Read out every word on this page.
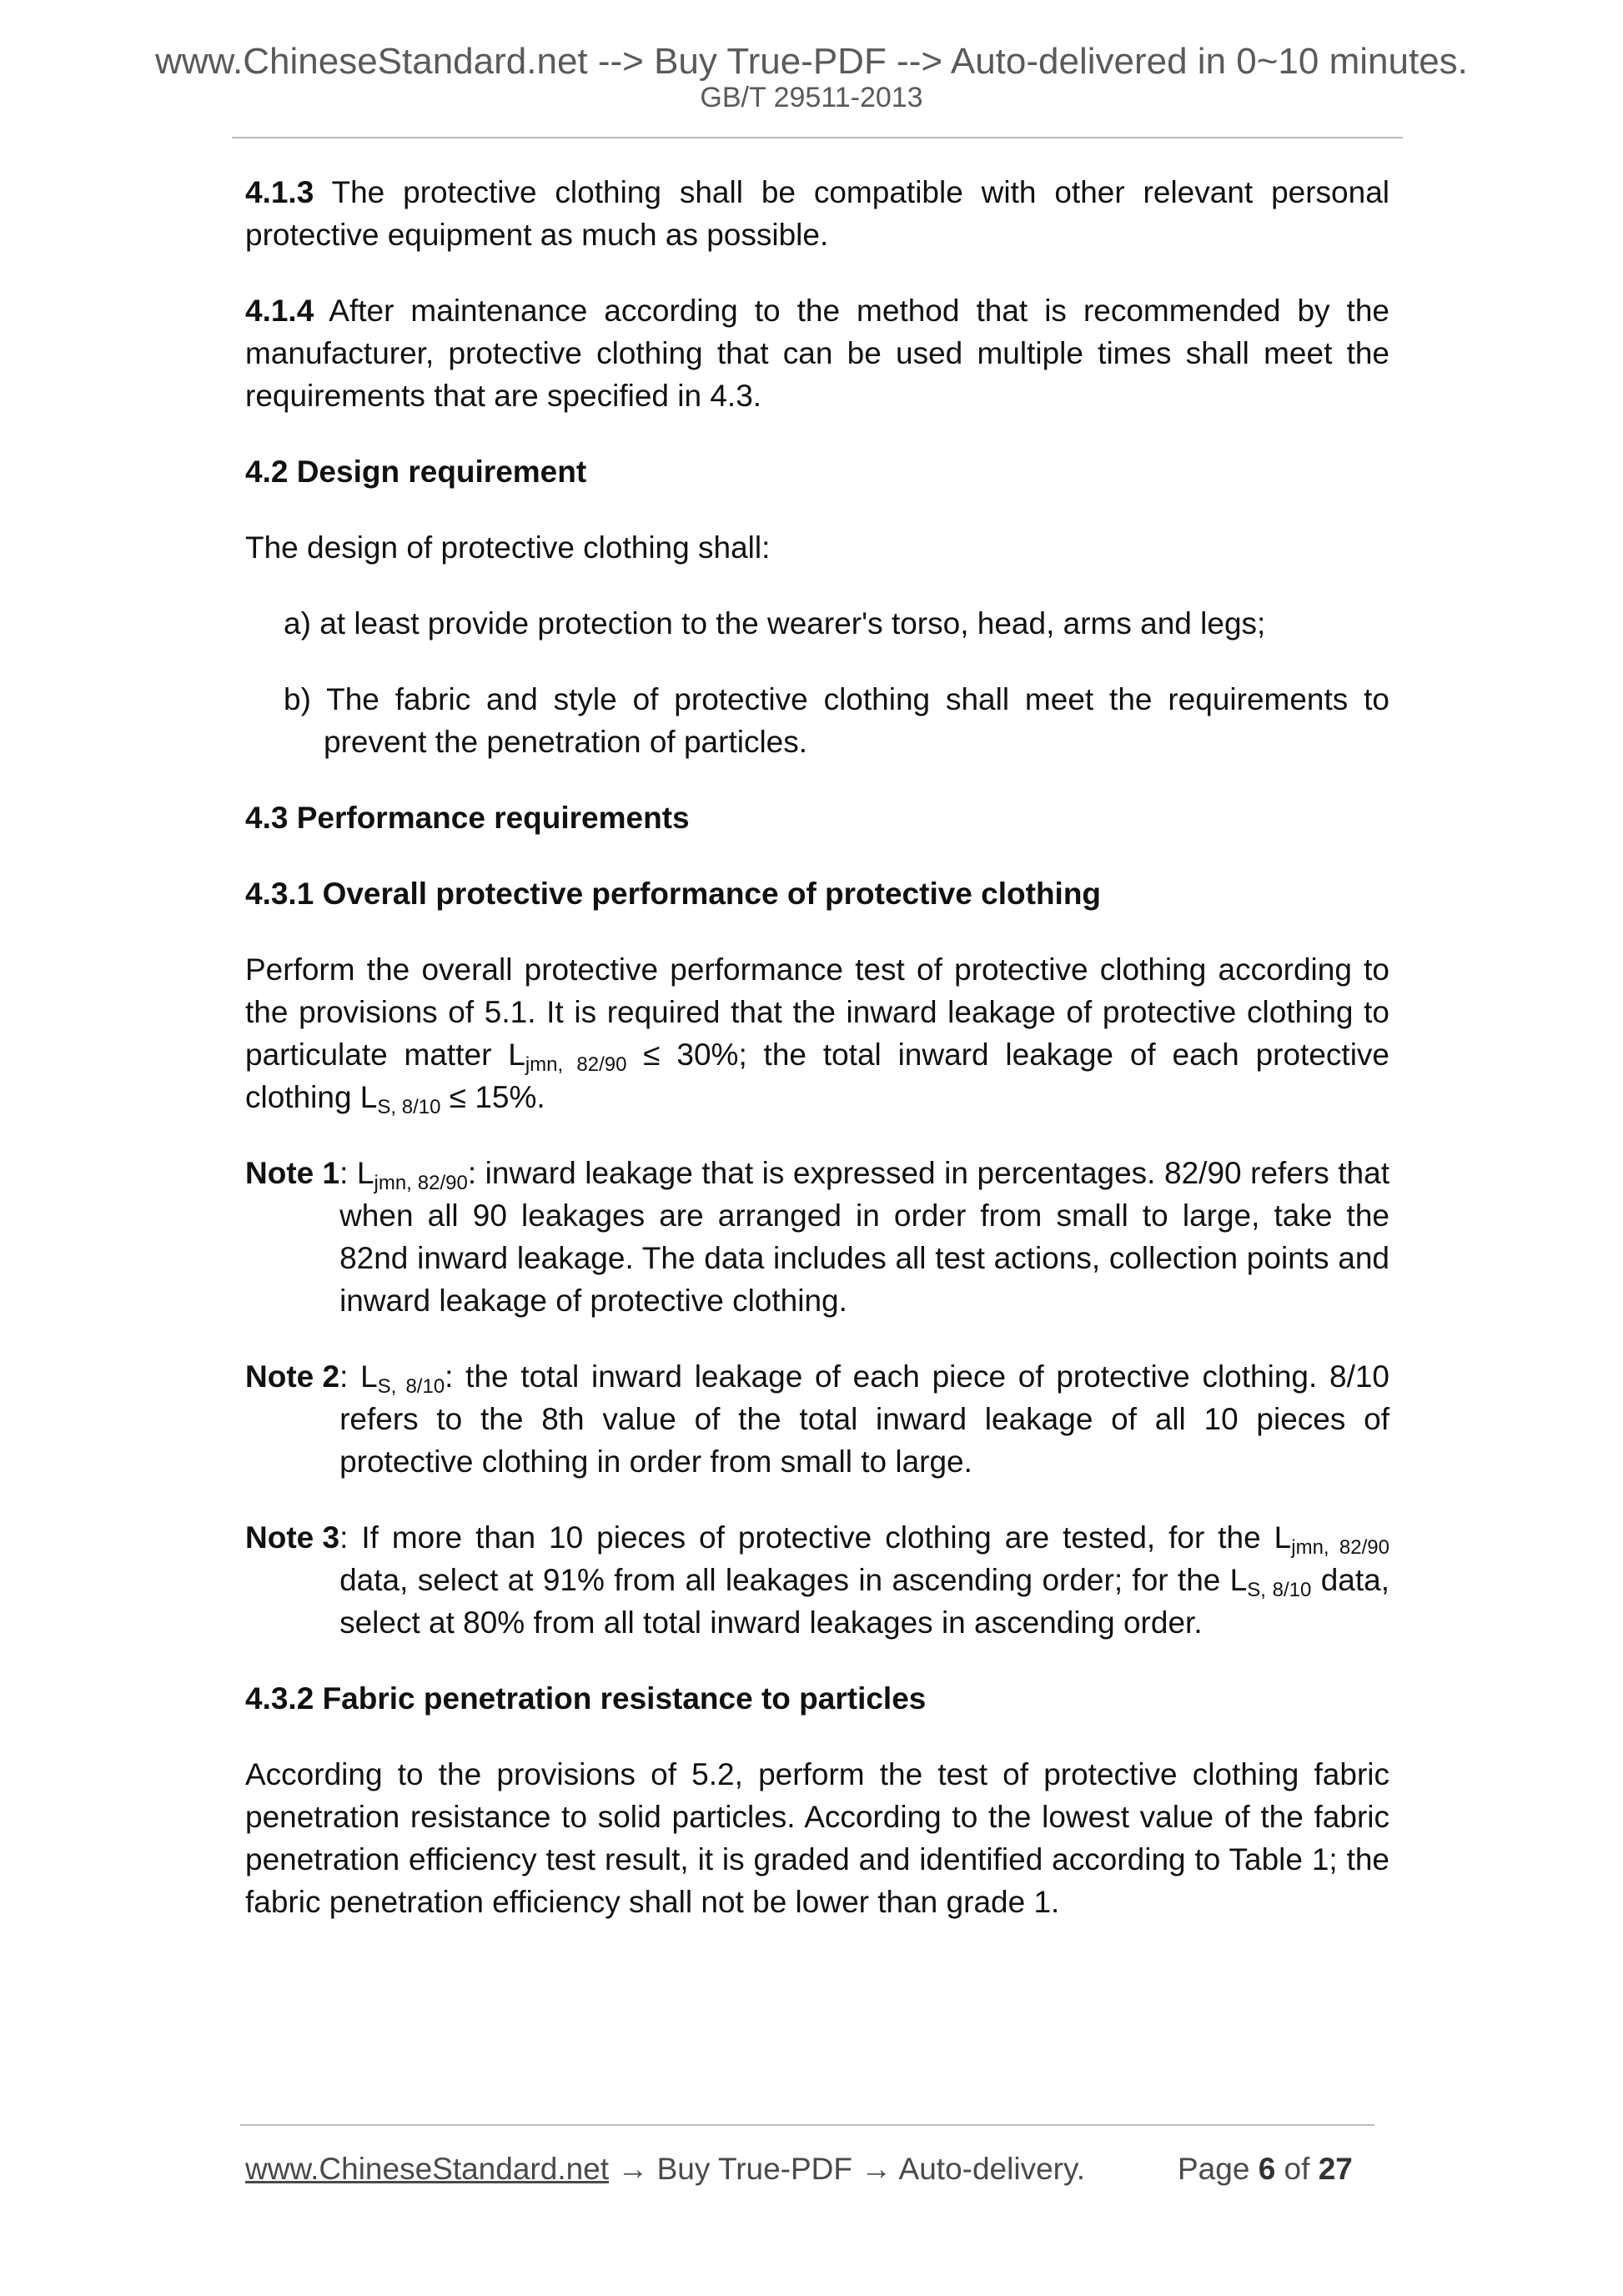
www.ChineseStandard.net --> Buy True-PDF --> Auto-delivered in 0~10 minutes.
GB/T 29511-2013

4.1.3 The protective clothing shall be compatible with other relevant personal protective equipment as much as possible.

4.1.4 After maintenance according to the method that is recommended by the manufacturer, protective clothing that can be used multiple times shall meet the requirements that are specified in 4.3.

4.2 Design requirement

The design of protective clothing shall:

a) at least provide protection to the wearer's torso, head, arms and legs;
b) The fabric and style of protective clothing shall meet the requirements to prevent the penetration of particles.
4.3 Performance requirements
4.3.1 Overall protective performance of protective clothing

Perform the overall protective performance test of protective clothing according to the provisions of 5.1. It is required that the inward leakage of protective clothing to particulate matter $L_{jmn, 82/90} \le 30\%$; the total inward leakage of each protective clothing $L_{S, 8/10} \le 15\%$.

Note 1 : $L_{jmn, 82/90}$: inward leakage that is expressed in percentages. 82/90 refers that when all 90 leakages are arranged in order from small to large, take the 82nd inward leakage. The data includes all test actions, collection points and inward leakage of protective clothing.
Note 2 : $L_{S, 8/10}$: the total inward leakage of each piece of protective clothing. 8/10 refers to the 8th value of the total inward leakage of all 10 pieces of protective clothing in order from small to large.
Note 3 : If more than 10 pieces of protective clothing are tested, for the $L_{jmn, 82/90}$ data, select at 91% from all leakages in ascending order; for the $L_{S, 8/10}$ data, select at 80% from all total inward leakages in ascending order.
4.3.2 Fabric penetration resistance to particles

According to the provisions of 5.2, perform the test of protective clothing fabric penetration resistance to solid particles. According to the lowest value of the fabric penetration efficiency test result, it is graded and identified according to Table 1; the fabric penetration efficiency shall not be lower than grade 1.

www.ChineseStandard.net → Buy True-PDF → Auto-delivery.	Page 6 of 27
